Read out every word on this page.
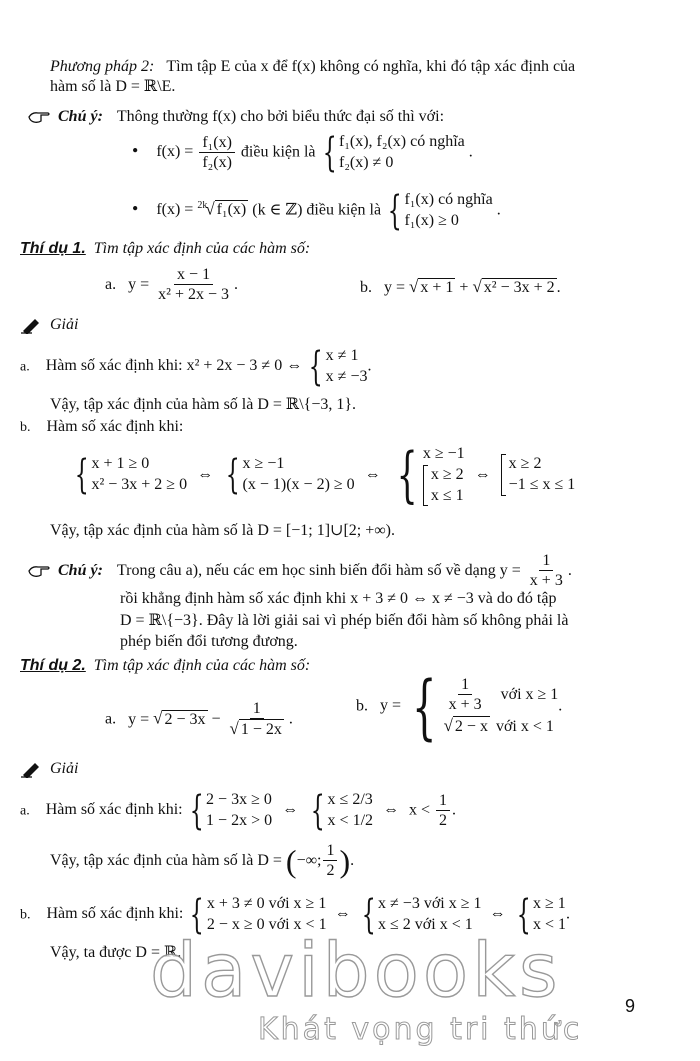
Phương pháp 2: Tìm tập E của x để f(x) không có nghĩa, khi đó tập xác định của
hàm số là D = ℝ\E.
Chú ý: Thông thường f(x) cho bởi biểu thức đại số thì với:
• $f(x) = \frac{\text{f₁(x)}}{\text{f₂(x)}}$ điều kiện là { f₁(x), f₂(x) có nghĩa
f₂(x) ≠ 0
.
• f(x) = $^{2k}$√ f₁(x) (k ∈ ℤ) điều kiện là { f₁(x) có nghĩa
f₁(x) ≥ 0
.
Thí dụ 1. Tìm tập xác định của các hàm số:
a. $y = \frac{x - 1}{\text{x² + 2x − 3}}$ .	b. y = √ x + 1 + √ x² − 3x + 2 .
Giải
a. Hàm số xác định khi: x² + 2x − 3 ≠ 0 ⇔ { x ≠ 1
x ≠ −3
.
Vậy, tập xác định của hàm số là D = ℝ\{−3, 1}.
b. Hàm số xác định khi:
{ x + 1 ≥ 0
x² − 3x + 2 ≥ 0
⇔ { x ≥ −1
(x − 1)(x − 2) ≥ 0
⇔ { x ≥ −1
x ≥ 2
x ≤ 1
⇔
x ≥ 2
−1 ≤ x ≤ 1
Vậy, tập xác định của hàm số là D = [−1; 1]∪[2; +∞).
Chú ý: Trong câu a), nếu các em học sinh biến đổi hàm số về dạng $y = \frac{1}{x + 3}$ .
rồi khẳng định hàm số xác định khi x + 3 ≠ 0 ⇔ x ≠ −3 và do đó tập
D = ℝ\{−3}. Đây là lời giải sai vì phép biến đổi hàm số không phải là
phép biến đổi tương đương.
Thí dụ 2. Tìm tập xác định của các hàm số:
a. y = √ $2 - 3x - \frac{1}{√ 1 - 2x}$ .
b. y = { $\frac{1}{x + 3}$ với x ≥ 1
√ 2 − x với x < 1
.
Giải
a. Hàm số xác định khi: { 2 − 3x ≥ 0
1 − 2x > 0
⇔ { x ≤ 2/3
x < 1/2
⇔ $x < \frac{1}{2}$ .
Vậy, tập xác định của hàm số là D = (−∞; $\frac{1}{2}$ ).
b. Hàm số xác định khi: { x + 3 ≠ 0 với x ≥ 1
2 − x ≥ 0 với x < 1
⇔ { x ≠ −3 với x ≥ 1
x ≤ 2 với x < 1
⇔ { x ≥ 1
x < 1
.
Vậy, ta được D = ℝ.
davibooks
Khát vọng tri thức
9
